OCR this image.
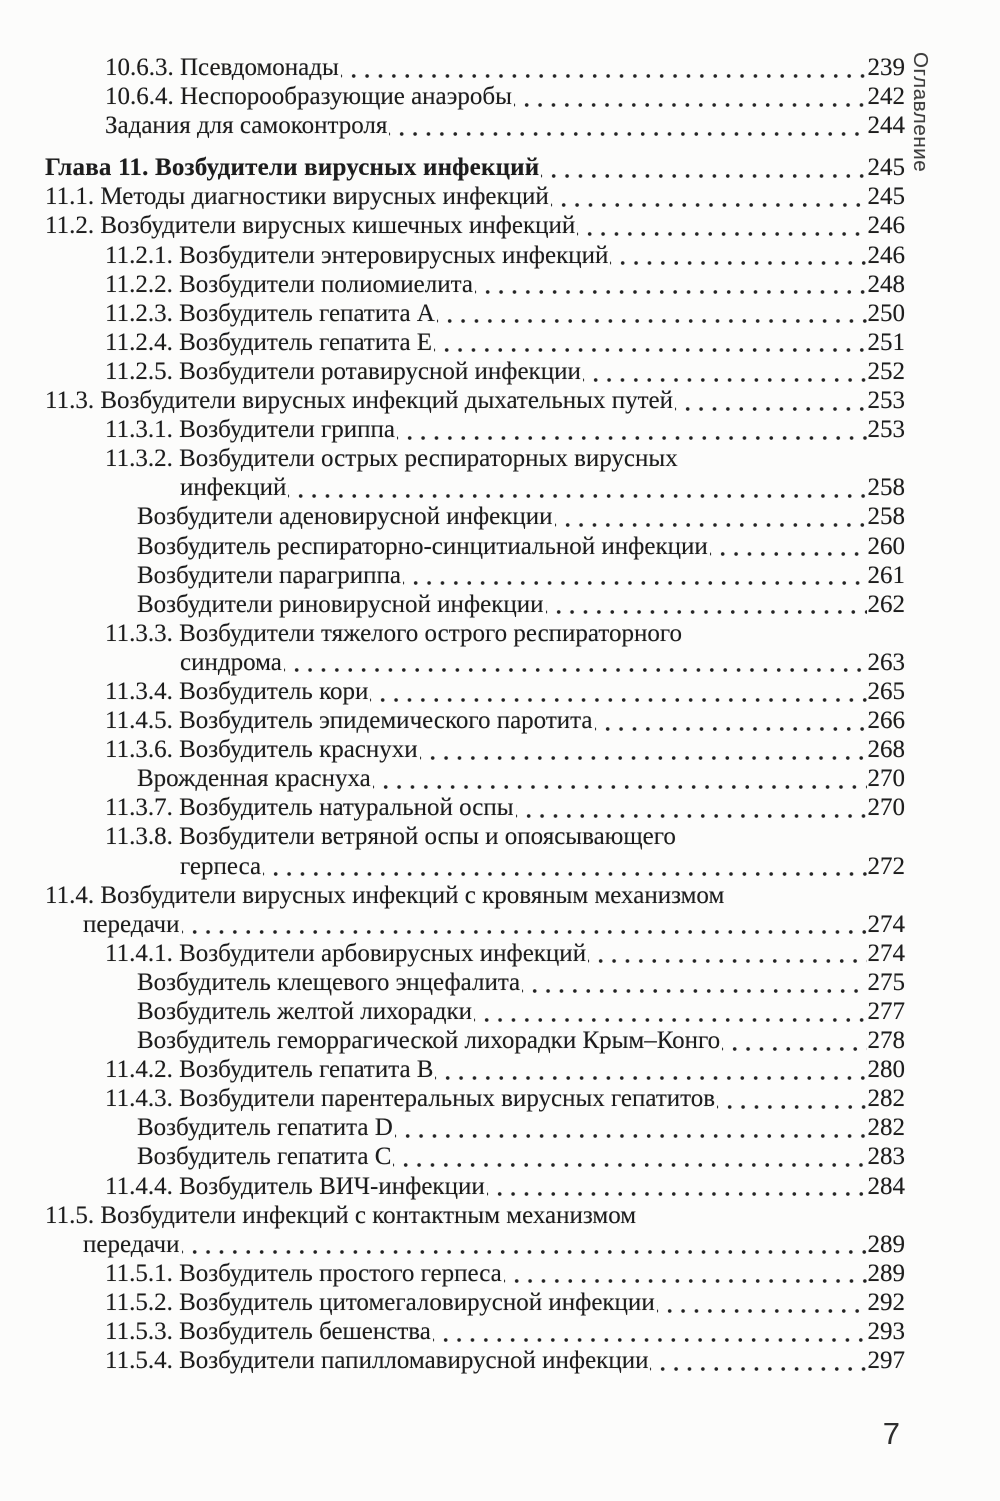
10.6.3. Псевдомонады	239
10.6.4. Неспорообразующие анаэробы	242
Задания для самоконтроля	244
Глава 11. Возбудители вирусных инфекций	245
11.1. Методы диагностики вирусных инфекций	245
11.2. Возбудители вирусных кишечных инфекций	246
11.2.1. Возбудители энтеровирусных инфекций	246
11.2.2. Возбудители полиомиелита	248
11.2.3. Возбудитель гепатита А	250
11.2.4. Возбудитель гепатита Е	251
11.2.5. Возбудители ротавирусной инфекции	252
11.3. Возбудители вирусных инфекций дыхательных путей	253
11.3.1. Возбудители гриппа	253
11.3.2. Возбудители острых респираторных вирусных
инфекций	258
Возбудители аденовирусной инфекции	258
Возбудитель респираторно-синцитиальной инфекции	260
Возбудители парагриппа	261
Возбудители риновирусной инфекции	262
11.3.3. Возбудители тяжелого острого респираторного
синдрома	263
11.3.4. Возбудитель кори	265
11.4.5. Возбудитель эпидемического паротита	266
11.3.6. Возбудитель краснухи	268
Врожденная краснуха	270
11.3.7. Возбудитель натуральной оспы	270
11.3.8. Возбудители ветряной оспы и опоясывающего
герпеса	272
11.4. Возбудители вирусных инфекций с кровяным механизмом
передачи	274
11.4.1. Возбудители арбовирусных инфекций	274
Возбудитель клещевого энцефалита	275
Возбудитель желтой лихорадки	277
Возбудитель геморрагической лихорадки Крым–Конго	278
11.4.2. Возбудитель гепатита В	280
11.4.3. Возбудители парентеральных вирусных гепатитов	282
Возбудитель гепатита D	282
Возбудитель гепатита С	283
11.4.4. Возбудитель ВИЧ-инфекции	284
11.5. Возбудители инфекций с контактным механизмом
передачи	289
11.5.1. Возбудитель простого герпеса	289
11.5.2. Возбудитель цитомегаловирусной инфекции	292
11.5.3. Возбудитель бешенства	293
11.5.4. Возбудители папилломавирусной инфекции	297
Оглавление
7
